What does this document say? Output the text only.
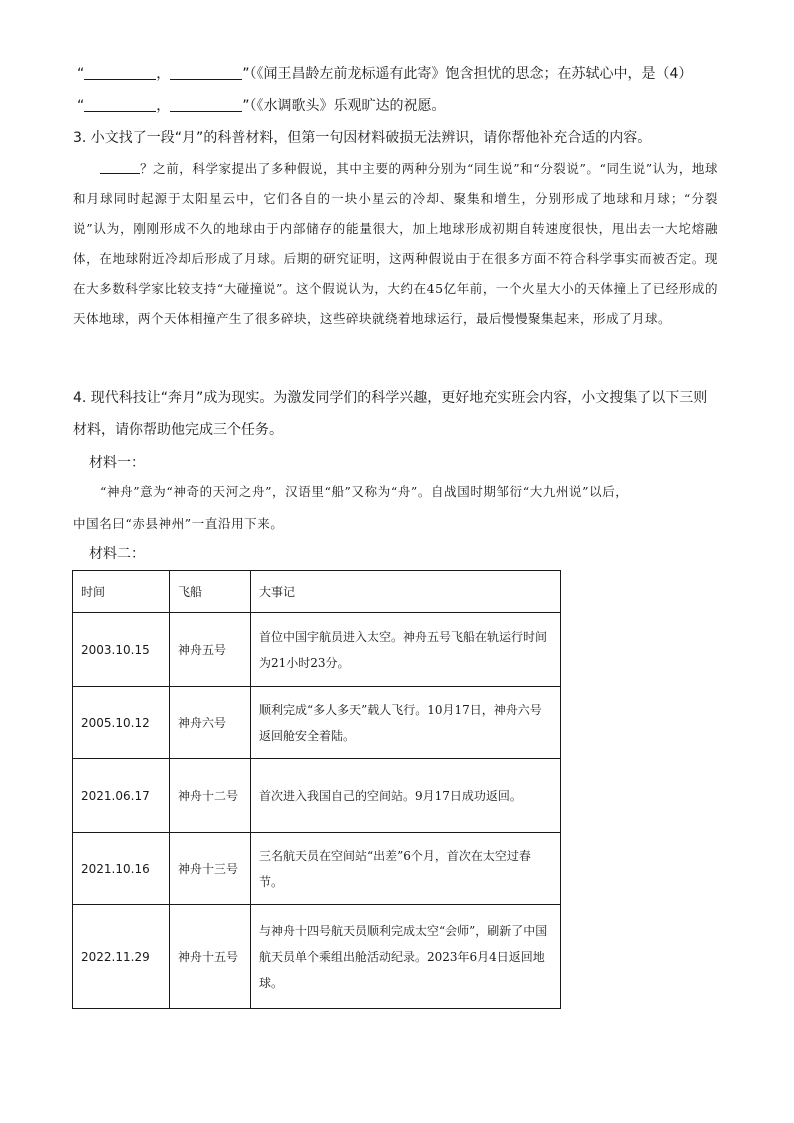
“	，	”（《闻王昌龄左前龙标遥有此寄》饱含担忧的思念；在苏轼心中，是（4）
“	，	”（《水调歌头》乐观旷达的祝愿。
3. 小文找了一段“月”的科普材料，但第一句因材料破损无法辨识，请你帮他补充合适的内容。
？之前，科学家提出了多种假说，其中主要的两种分别为“同生说”和“分裂说”。“同生说”认为，地球和月球同时起源于太阳星云中，它们各自的一块小星云的冷却、聚集和增生，分别形成了地球和月球；“分裂说”认为，刚刚形成不久的地球由于内部储存的能量很大，加上地球形成初期自转速度很快，甩出去一大坨熔融体，在地球附近冷却后形成了月球。后期的研究证明，这两种假说由于在很多方面不符合科学事实而被否定。现在大多数科学家比较支持“大碰撞说”。这个假说认为，大约在45亿年前，一个火星大小的天体撞上了已经形成的天体地球，两个天体相撞产生了很多碎块，这些碎块就绕着地球运行，最后慢慢聚集起来，形成了月球。
4. 现代科技让“奔月”成为现实。为激发同学们的科学兴趣，更好地充实班会内容，小文搜集了以下三则
材料，请你帮助他完成三个任务。
材料一：
“神舟”意为“神奇的天河之舟”，汉语里“船”又称为“舟”。自战国时期邹衍“大九州说”以后，
中国名曰“赤县神州”一直沿用下来。
材料二：
时间	飞船	大事记
2003.10.15	神舟五号	首位中国宇航员进入太空。神舟五号飞船在轨运行时间为21小时23分。
2005.10.12	神舟六号	顺利完成“多人多天”载人飞行。10月17日，神舟六号返回舱安全着陆。
2021.06.17	神舟十二号	首次进入我国自己的空间站。9月17日成功返回。
2021.10.16	神舟十三号	三名航天员在空间站“出差”6个月，首次在太空过春节。
2022.11.29	神舟十五号	与神舟十四号航天员顺利完成太空“会师”，刷新了中国航天员单个乘组出舱活动纪录。2023年6月4日返回地球。
